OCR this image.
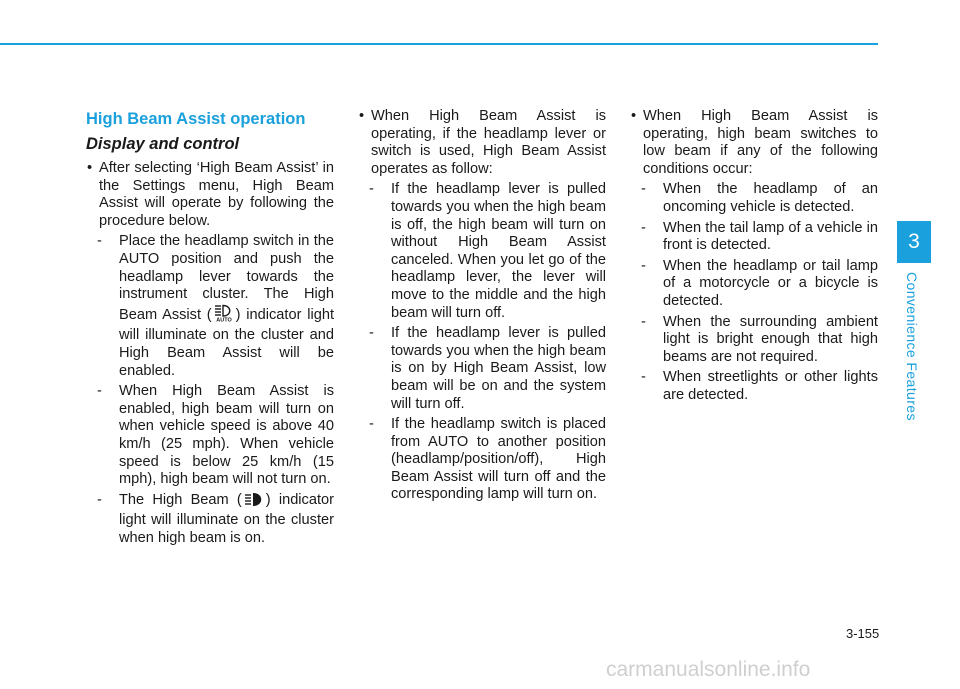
3
Convenience Features
High Beam Assist operation
Display and control

• After selecting ‘High Beam Assist’ in the Settings menu, High Beam Assist will operate by following the procedure below.

- Place the headlamp switch in the AUTO position and push the headlamp lever towards the instrument cluster. The High Beam Assist ( AUTO ) indicator light will illuminate on the cluster and High Beam Assist will be enabled.

- When High Beam Assist is enabled, high beam will turn on when vehicle speed is above 40 km/h (25 mph). When vehicle speed is below 25 km/h (15 mph), high beam will not turn on.

- The High Beam ( ) indicator light will illuminate on the cluster when high beam is on.

• When High Beam Assist is operating, if the headlamp lever or switch is used, High Beam Assist operates as follow:

- If the headlamp lever is pulled towards you when the high beam is off, the high beam will turn on without High Beam Assist canceled. When you let go of the headlamp lever, the lever will move to the middle and the high beam will turn off.

- If the headlamp lever is pulled towards you when the high beam is on by High Beam Assist, low beam will be on and the system will turn off.

- If the headlamp switch is placed from AUTO to another position (headlamp/position/off), High Beam Assist will turn off and the corresponding lamp will turn on.

• When High Beam Assist is operating, high beam switches to low beam if any of the following conditions occur:

- When the headlamp of an oncoming vehicle is detected.

- When the tail lamp of a vehicle in front is detected.

- When the headlamp or tail lamp of a motorcycle or a bicycle is detected.

- When the surrounding ambient light is bright enough that high beams are not required.

- When streetlights or other lights are detected.

3-155
carmanualsonline.info
